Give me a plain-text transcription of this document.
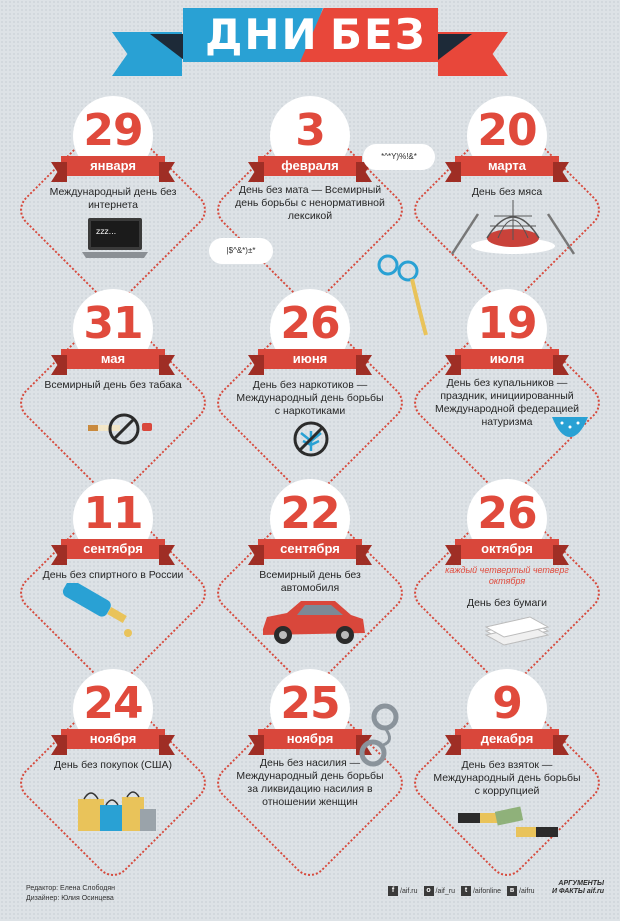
ДНИ БЕЗ
29
января
Международный день без интернета
zzz...
3
февраля
День без мата — Всемирный день борьбы с ненормативной лексикой
*^*Y)%!&*
|$^&*)±*
20
марта
День без мяса
31
мая
Всемирный день без табака
26
июня
День без наркотиков — Международный день борьбы с наркотиками
19
июля
День без купальников — праздник, инициированный Международной федерацией натуризма
11
сентября
День без спиртного в России
22
сентября
Всемирный день без автомобиля
26
октября
каждый четвертый четверг октября
День без бумаги
24
ноября
День без покупок (США)
25
ноября
День без насилия — Международный день борьбы за ликвидацию насилия в отношении женщин
9
декабря
День без взяток — Международный день борьбы с коррупцией
Редактор: Елена Слободян
Дизайнер: Юлия Осинцева
f /aif.ru	о /aif_ru	t /aifonline	в /aifru
АРГУМЕНТЫ
И ФАКТЫ aif.ru
